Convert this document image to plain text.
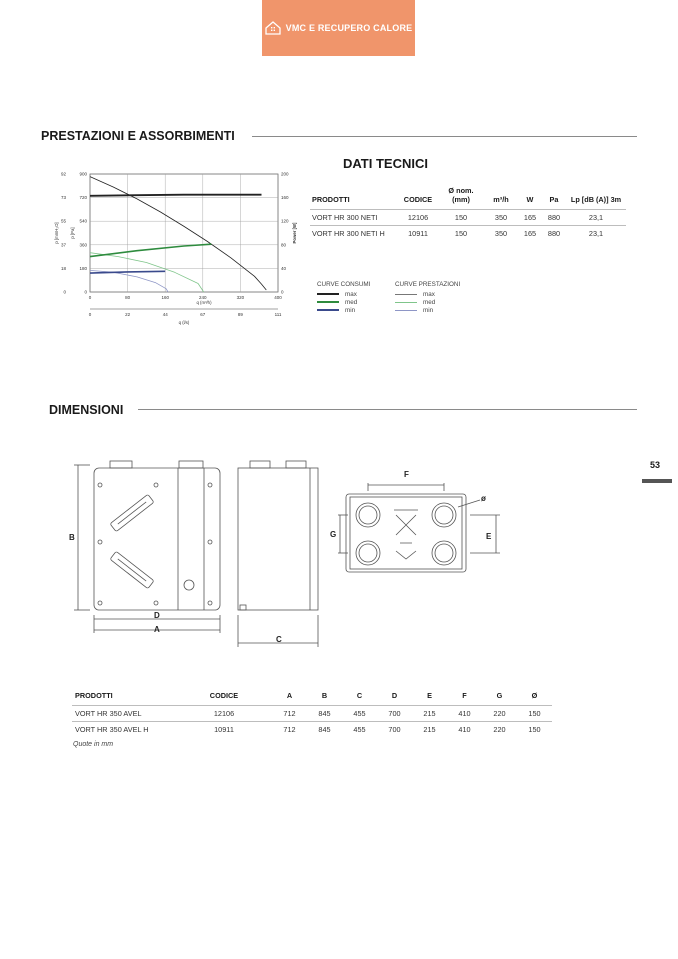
VMC E RECUPERO CALORE
PRESTAZIONI E ASSORBIMENTI
0
0
80
22
160
44
240
67
320
89
400
111
0
0	0
180
18	40
360
37	80
540
55	120
720
73	160
900
92	200
q (m³/h)
q (l/s)
p [mmH₂O]	p [Pa]	Power [W]
CURVE CONSUMI
max
med
min
CURVE PRESTAZIONI
max
med
min
DATI TECNICI
PRODOTTI	CODICE	Ø nom. (mm)	m³/h	W	Pa	Lp [dB (A)] 3m
VORT HR 300 NETI	12106	150	350	165	880	23,1
VORT HR 300 NETI H	10911	150	350	165	880	23,1
DIMENSIONI
B
D
A
C
F
G	E
ø
PRODOTTI	CODICE	A	B	C	D	E	F	G	Ø
VORT HR 350 AVEL	12106	712	845	455	700	215	410	220	150
VORT HR 350 AVEL H	10911	712	845	455	700	215	410	220	150
Quote in mm
53
